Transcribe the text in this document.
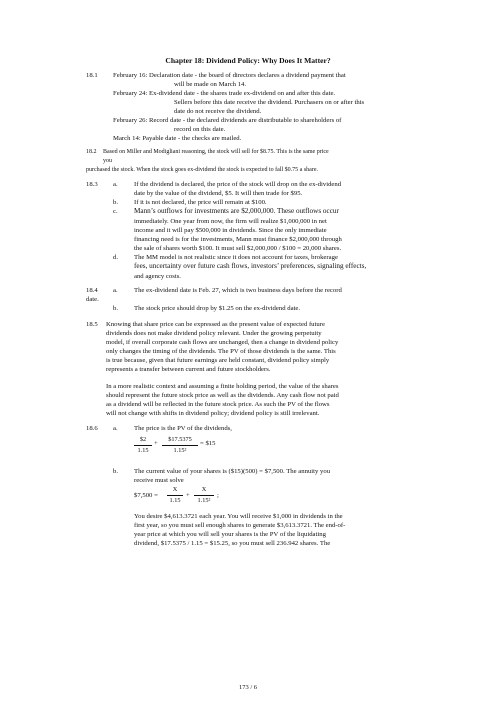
Chapter 18: Dividend Policy: Why Does It Matter?
18.1 February 16: Declaration date - the board of directors declares a dividend payment that
will be made on March 14.
February 24: Ex-dividend date - the shares trade ex-dividend on and after this date.
Sellers before this date receive the dividend. Purchasers on or after this
date do not receive the dividend.
February 26: Record date - the declared dividends are distributable to shareholders of
record on this date.
March 14: Payable date - the checks are mailed.
18.2 Based on Miller and Modigliani reasoning, the stock will sell for $8.75. This is the same price
you
purchased the stock. When the stock goes ex-dividend the stock is expected to fall $0.75 a share.
18.3 a. If the dividend is declared, the price of the stock will drop on the ex-dividend
date by the value of the dividend, $5. It will then trade for $95.
b. If it is not declared, the price will remain at $100.
c. Mann’s outflows for investments are $2,000,000. These outflows occur
immediately. One year from now, the firm will realize $1,000,000 in net
income and it will pay $500,000 in dividends. Since the only immediate
financing need is for the investments, Mann must finance $2,000,000 through
the sale of shares worth $100. It must sell $2,000,000 / $100 = 20,000 shares.
d. The MM model is not realistic since it does not account for taxes, brokerage
fees, uncertainty over future cash flows, investors’ preferences, signaling effects,
and agency costs.
18.4 a. The ex-dividend date is Feb. 27, which is two business days before the record
date.
b. The stock price should drop by $1.25 on the ex-dividend date.
18.5 Knowing that share price can be expressed as the present value of expected future
dividends does not make dividend policy relevant. Under the growing perpetuity
model, if overall corporate cash flows are unchanged, then a change in dividend policy
only changes the timing of the dividends. The PV of those dividends is the same. This
is true because, given that future earnings are held constant, dividend policy simply
represents a transfer between current and future stockholders.
In a more realistic context and assuming a finite holding period, the value of the shares
should represent the future stock price as well as the dividends. Any cash flow not paid
as a dividend will be reflected in the future stock price. As such the PV of the flows
will not change with shifts in dividend policy; dividend policy is still irrelevant.
18.6 a. The price is the PV of the dividends,
$2
1.15
+
$17.5375
1.15²
= $15
b. The current value of your shares is ($15)(500) = $7,500. The annuity you
receive must solve
$7,500 =
X
1.15
+
X
1.15²
;
You desire $4,613.3721 each year. You will receive $1,000 in dividends in the
first year, so you must sell enough shares to generate $3,613.3721. The end-of-
year price at which you will sell your shares is the PV of the liquidating
dividend, $17.5375 / 1.15 = $15.25, so you must sell 236.942 shares. The
173 / 6
